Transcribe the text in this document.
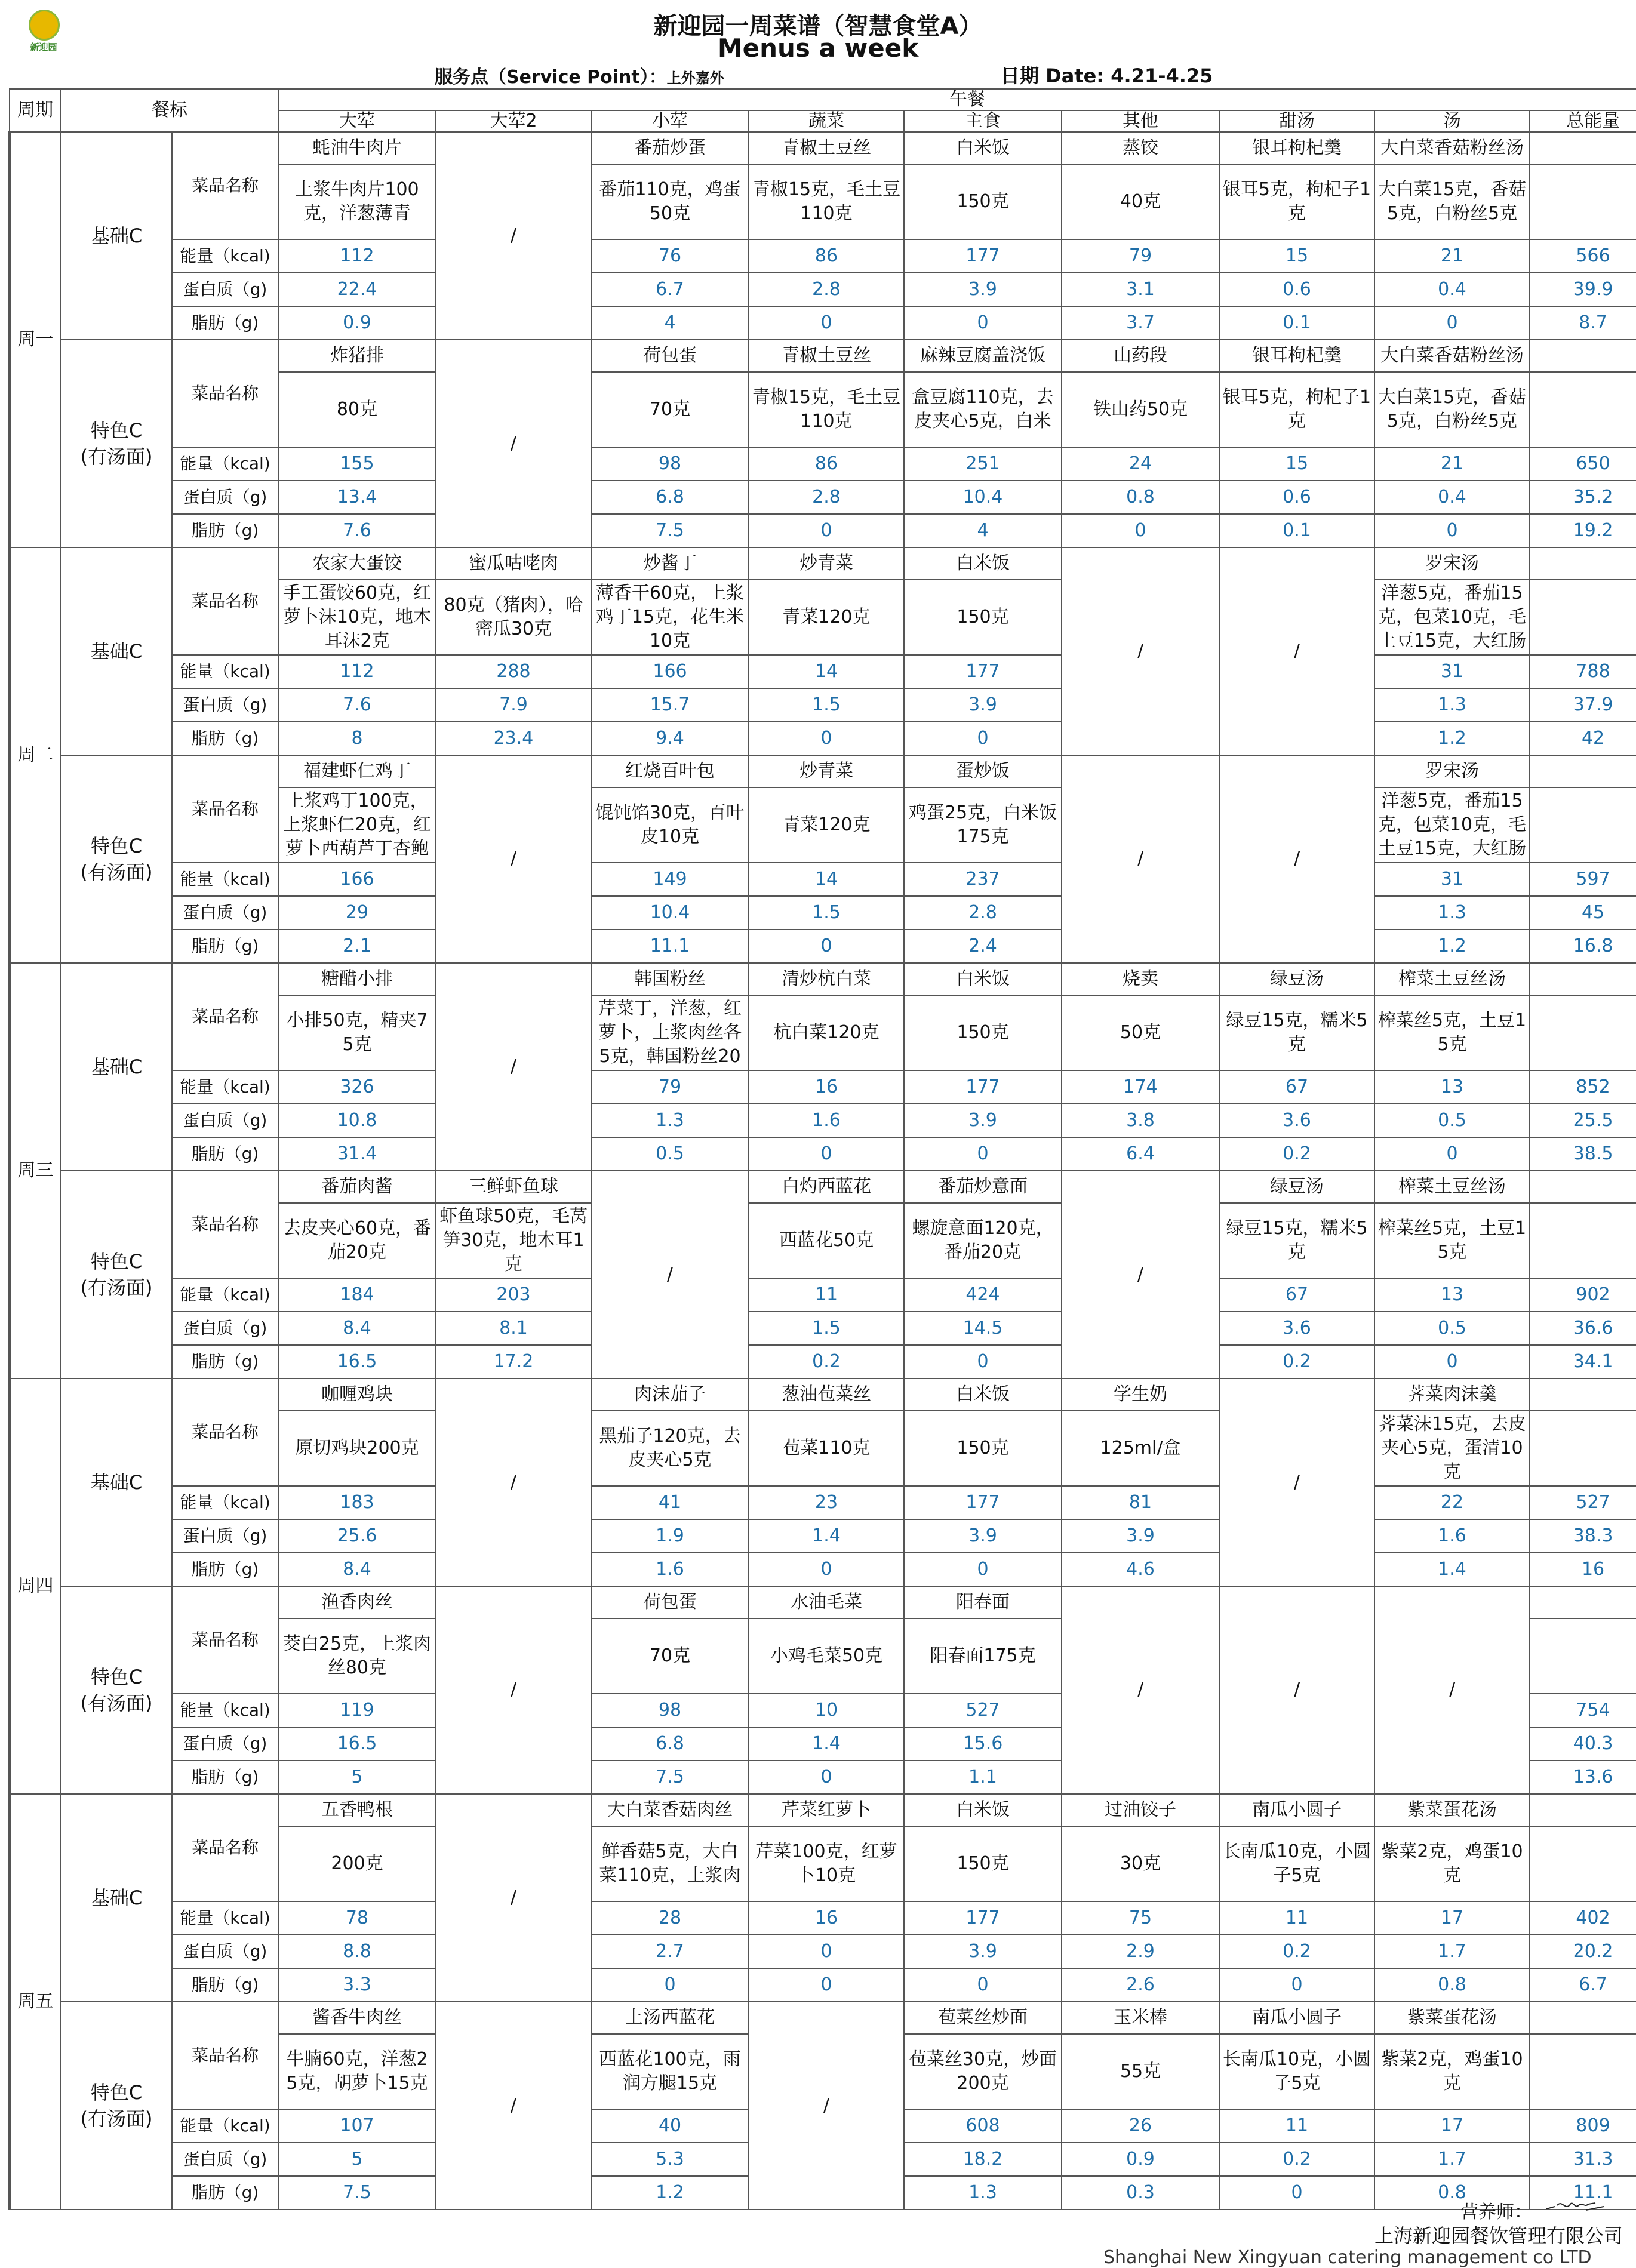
新迎园
新迎园一周菜谱（智慧食堂A）
Menus a week
服务点（Service Point）：上外嘉外	日期 Date: 4.21-4.25
周期	餐标		午餐								
			大荤	大荤2	小荤	蔬菜	主食	其他	甜汤	汤	总能量
周一	基础C	菜品名称	蚝油牛肉片	/	番茄炒蛋	青椒土豆丝	白米饭	蒸饺	银耳枸杞羹	大白菜香菇粉丝汤	
			上浆牛肉片100克，洋葱薄青		番茄110克，鸡蛋50克	青椒15克，毛土豆110克	150克	40克	银耳5克，枸杞子1克	大白菜15克，香菇5克，白粉丝5克	
		能量（kcal)	112		76	86	177	79	15	21	566
		蛋白质（g)	22.4		6.7	2.8	3.9	3.1	0.6	0.4	39.9
		脂肪（g)	0.9		4	0	0	3.7	0.1	0	8.7
	特色C
(有汤面)	菜品名称	炸猪排	/	荷包蛋	青椒土豆丝	麻辣豆腐盖浇饭	山药段	银耳枸杞羹	大白菜香菇粉丝汤	
			80克		70克	青椒15克，毛土豆110克	盒豆腐110克，去皮夹心5克，白米	铁山药50克	银耳5克，枸杞子1克	大白菜15克，香菇5克，白粉丝5克	
		能量（kcal)	155		98	86	251	24	15	21	650
		蛋白质（g)	13.4		6.8	2.8	10.4	0.8	0.6	0.4	35.2
		脂肪（g)	7.6		7.5	0	4	0	0.1	0	19.2
周二	基础C	菜品名称	农家大蛋饺	蜜瓜咕咾肉	炒酱丁	炒青菜	白米饭	/	/	罗宋汤	
			手工蛋饺60克，红萝卜沫10克，地木耳沫2克	80克（猪肉），哈密瓜30克	薄香干60克，上浆鸡丁15克，花生米10克	青菜120克	150克			洋葱5克，番茄15克，包菜10克，毛土豆15克，大红肠	
		能量（kcal)	112	288	166	14	177			31	788
		蛋白质（g)	7.6	7.9	15.7	1.5	3.9			1.3	37.9
		脂肪（g)	8	23.4	9.4	0	0			1.2	42
	特色C
(有汤面)	菜品名称	福建虾仁鸡丁	/	红烧百叶包	炒青菜	蛋炒饭	/	/	罗宋汤	
			上浆鸡丁100克，上浆虾仁20克，红萝卜西葫芦丁杏鲍		馄饨馅30克，百叶皮10克	青菜120克	鸡蛋25克，白米饭175克			洋葱5克，番茄15克，包菜10克，毛土豆15克，大红肠	
		能量（kcal)	166		149	14	237			31	597
		蛋白质（g)	29		10.4	1.5	2.8			1.3	45
		脂肪（g)	2.1		11.1	0	2.4			1.2	16.8
周三	基础C	菜品名称	糖醋小排	/	韩国粉丝	清炒杭白菜	白米饭	烧卖	绿豆汤	榨菜土豆丝汤	
			小排50克，精夹75克		芹菜丁，洋葱，红萝卜，上浆肉丝各5克，韩国粉丝20	杭白菜120克	150克	50克	绿豆15克，糯米5克	榨菜丝5克，土豆15克	
		能量（kcal)	326		79	16	177	174	67	13	852
		蛋白质（g)	10.8		1.3	1.6	3.9	3.8	3.6	0.5	25.5
		脂肪（g)	31.4		0.5	0	0	6.4	0.2	0	38.5
	特色C
(有汤面)	菜品名称	番茄肉酱	三鲜虾鱼球	/	白灼西蓝花	番茄炒意面	/	绿豆汤	榨菜土豆丝汤	
			去皮夹心60克，番茄20克	虾鱼球50克，毛莴笋30克，地木耳1克		西蓝花50克	螺旋意面120克，番茄20克		绿豆15克，糯米5克	榨菜丝5克，土豆15克	
		能量（kcal)	184	203		11	424		67	13	902
		蛋白质（g)	8.4	8.1		1.5	14.5		3.6	0.5	36.6
		脂肪（g)	16.5	17.2		0.2	0		0.2	0	34.1
周四	基础C	菜品名称	咖喱鸡块	/	肉沫茄子	葱油苞菜丝	白米饭	学生奶	/	荠菜肉沫羹	
			原切鸡块200克		黑茄子120克，去皮夹心5克	苞菜110克	150克	125ml/盒		荠菜沫15克，去皮夹心5克，蛋清10克	
		能量（kcal)	183		41	23	177	81		22	527
		蛋白质（g)	25.6		1.9	1.4	3.9	3.9		1.6	38.3
		脂肪（g)	8.4		1.6	0	0	4.6		1.4	16
	特色C
(有汤面)	菜品名称	渔香肉丝	/	荷包蛋	水油毛菜	阳春面	/	/	/	
			茭白25克，上浆肉丝80克		70克	小鸡毛菜50克	阳春面175克				
		能量（kcal)	119		98	10	527				754
		蛋白质（g)	16.5		6.8	1.4	15.6				40.3
		脂肪（g)	5		7.5	0	1.1				13.6
周五	基础C	菜品名称	五香鸭根	/	大白菜香菇肉丝	芹菜红萝卜	白米饭	过油饺子	南瓜小圆子	紫菜蛋花汤	
			200克		鲜香菇5克，大白菜110克，上浆肉	芹菜100克，红萝卜10克	150克	30克	长南瓜10克，小圆子5克	紫菜2克，鸡蛋10克	
		能量（kcal)	78		28	16	177	75	11	17	402
		蛋白质（g)	8.8		2.7	0	3.9	2.9	0.2	1.7	20.2
		脂肪（g)	3.3		0	0	0	2.6	0	0.8	6.7
	特色C
(有汤面)	菜品名称	酱香牛肉丝	/	上汤西蓝花	/	苞菜丝炒面	玉米棒	南瓜小圆子	紫菜蛋花汤	
			牛腩60克，洋葱25克，胡萝卜15克		西蓝花100克，雨润方腿15克		苞菜丝30克，炒面200克	55克	长南瓜10克，小圆子5克	紫菜2克，鸡蛋10克	
		能量（kcal)	107		40		608	26	11	17	809
		蛋白质（g)	5		5.3		18.2	0.9	0.2	1.7	31.3
		脂肪（g)	7.5		1.2		1.3	0.3	0	0.8	11.1
营养师：
上海新迎园餐饮管理有限公司
Shanghai New Xingyuan catering management co LTD
